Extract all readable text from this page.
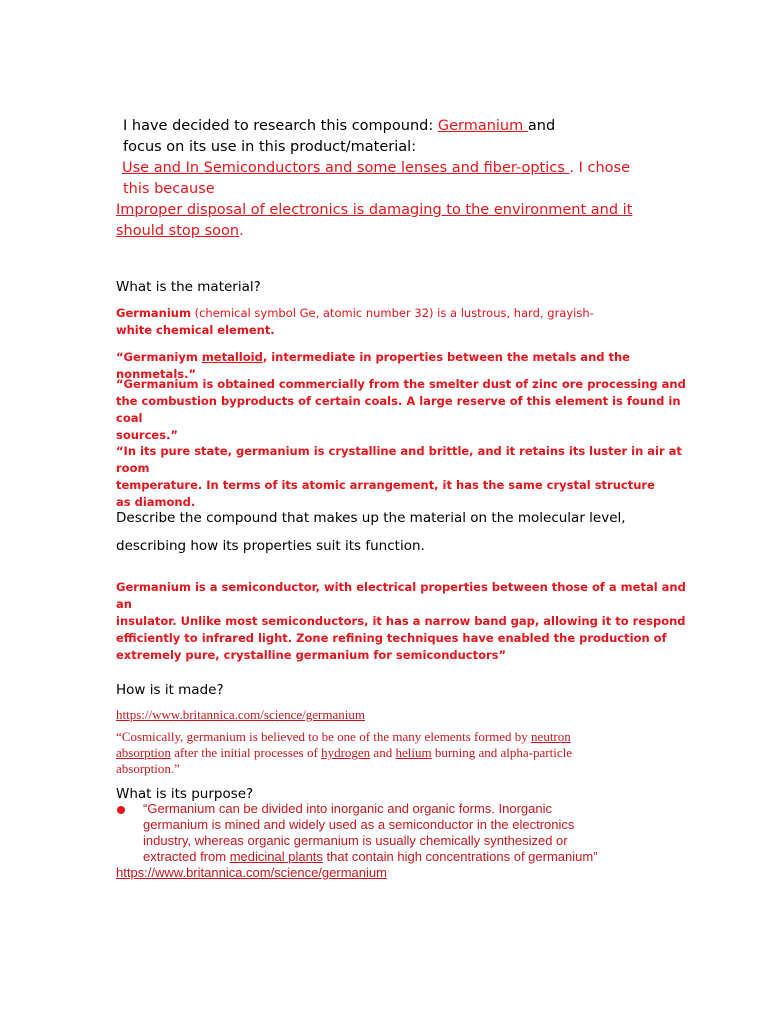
I have decided to research this compound: Germanium and
focus on its use in this product/material:
Use and In Semiconductors and some lenses and fiber-optics . I chose
this because
Improper disposal of electronics is damaging to the environment and it
should stop soon.
What is the material?
Germanium (chemical symbol Ge, atomic number 32) is a lustrous, hard, grayish-
white chemical element.
“Germaniym metalloid, intermediate in properties between the metals and the nonmetals.”
“Germanium is obtained commercially from the smelter dust of zinc ore processing and
the combustion byproducts of certain coals. A large reserve of this element is found in coal
sources.”
“In its pure state, germanium is crystalline and brittle, and it retains its luster in air at room
temperature. In terms of its atomic arrangement, it has the same crystal structure
as diamond.
Describe the compound that makes up the material on the molecular level,
describing how its properties suit its function.
Germanium is a semiconductor, with electrical properties between those of a metal and an
insulator. Unlike most semiconductors, it has a narrow band gap, allowing it to respond
efficiently to infrared light. Zone refining techniques have enabled the production of
extremely pure, crystalline germanium for semiconductors”
How is it made?
https://www.britannica.com/science/germanium
“Cosmically, germanium is believed to be one of the many elements formed by neutron
absorption after the initial processes of hydrogen and helium burning and alpha-particle
absorption.”
What is its purpose?
“Germanium can be divided into inorganic and organic forms. Inorganic
germanium is mined and widely used as a semiconductor in the electronics
industry, whereas organic germanium is usually chemically synthesized or
extracted from medicinal plants that contain high concentrations of germanium”
https://www.britannica.com/science/germanium
